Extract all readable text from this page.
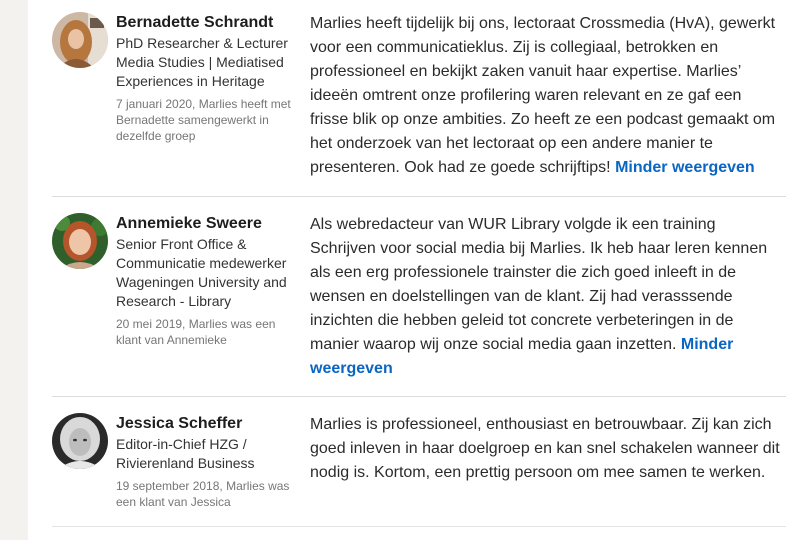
Bernadette Schrandt
PhD Researcher & Lecturer Media Studies | Mediatised Experiences in Heritage
7 januari 2020, Marlies heeft met Bernadette samengewerkt in dezelfde groep
Marlies heeft tijdelijk bij ons, lectoraat Crossmedia (HvA), gewerkt voor een communicatieklus. Zij is collegiaal, betrokken en professioneel en bekijkt zaken vanuit haar expertise. Marlies’ ideeën omtrent onze profilering waren relevant en ze gaf een frisse blik op onze ambities. Zo heeft ze een podcast gemaakt om het onderzoek van het lectoraat op een andere manier te presenteren. Ook had ze goede schrijftips! Minder weergeven
Annemieke Sweere
Senior Front Office & Communicatie medewerker Wageningen University and Research - Library
20 mei 2019, Marlies was een klant van Annemieke
Als webredacteur van WUR Library volgde ik een training Schrijven voor social media bij Marlies. Ik heb haar leren kennen als een erg professionele trainster die zich goed inleeft in de wensen en doelstellingen van de klant. Zij had verasssende inzichten die hebben geleid tot concrete verbeteringen in de manier waarop wij onze social media gaan inzetten. Minder weergeven
Jessica Scheffer
Editor-in-Chief HZG / Rivierenland Business
19 september 2018, Marlies was een klant van Jessica
Marlies is professioneel, enthousiast en betrouwbaar. Zij kan zich goed inleven in haar doelgroep en kan snel schakelen wanneer dit nodig is. Kortom, een prettig persoon om mee samen te werken.
